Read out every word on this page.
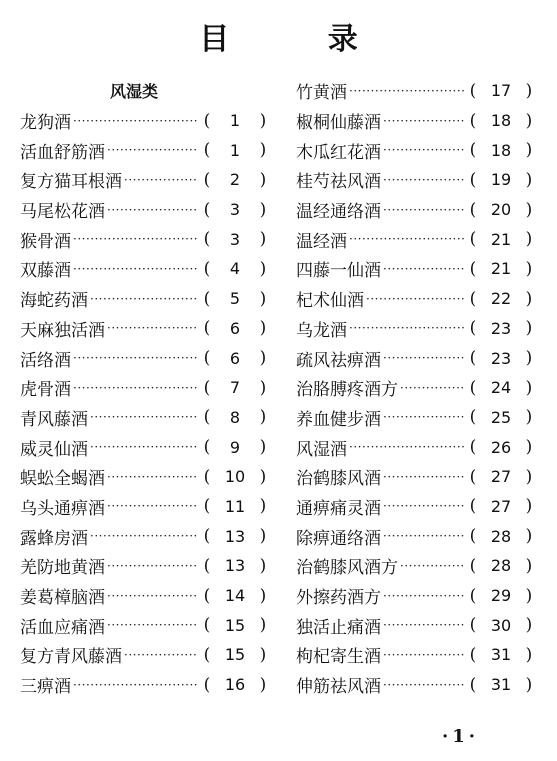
目 录
风湿类
龙狗酒 ·····	(	1	)
活血舒筋酒 ·····	(	1	)
复方猫耳根酒 ·····	(	2	)
马尾松花酒 ·····	(	3	)
猴骨酒 ·····	(	3	)
双藤酒 ·····	(	4	)
海蛇药酒 ·····	(	5	)
天麻独活酒 ·····	(	6	)
活络酒 ·····	(	6	)
虎骨酒 ·····	(	7	)
青风藤酒 ·····	(	8	)
威灵仙酒 ·····	(	9	)
蜈蚣全蝎酒 ·····	( 10 )
乌头通痹酒 ·····	( 11 )
露蜂房酒 ·····	( 13 )
羌防地黄酒 ·····	( 13 )
姜葛樟脑酒 ·····	( 14 )
活血应痛酒 ·····	( 15 )
复方青风藤酒 ·····	( 15 )
三痹酒 ·····	( 16 )
竹黄酒 ·····	( 17 )
椒桐仙藤酒 ·····	( 18 )
木瓜红花酒 ·····	( 18 )
桂芍祛风酒 ·····	( 19 )
温经通络酒 ·····	( 20 )
温经酒 ·····	( 21 )
四藤一仙酒 ·····	( 21 )
杞术仙酒 ·····	( 22 )
乌龙酒 ·····	( 23 )
疏风祛痹酒 ·····	( 23 )
治胳膊疼酒方 ·····	( 24 )
养血健步酒 ·····	( 25 )
风湿酒 ·····	( 26 )
治鹤膝风酒 ·····	( 27 )
通痹痛灵酒 ·····	( 27 )
除痹通络酒 ·····	( 28 )
治鹤膝风酒方 ·····	( 28 )
外擦药酒方 ·····	( 29 )
独活止痛酒 ·····	( 30 )
枸杞寄生酒 ·····	( 31 )
伸筋祛风酒 ·····	( 31 )
·1·
